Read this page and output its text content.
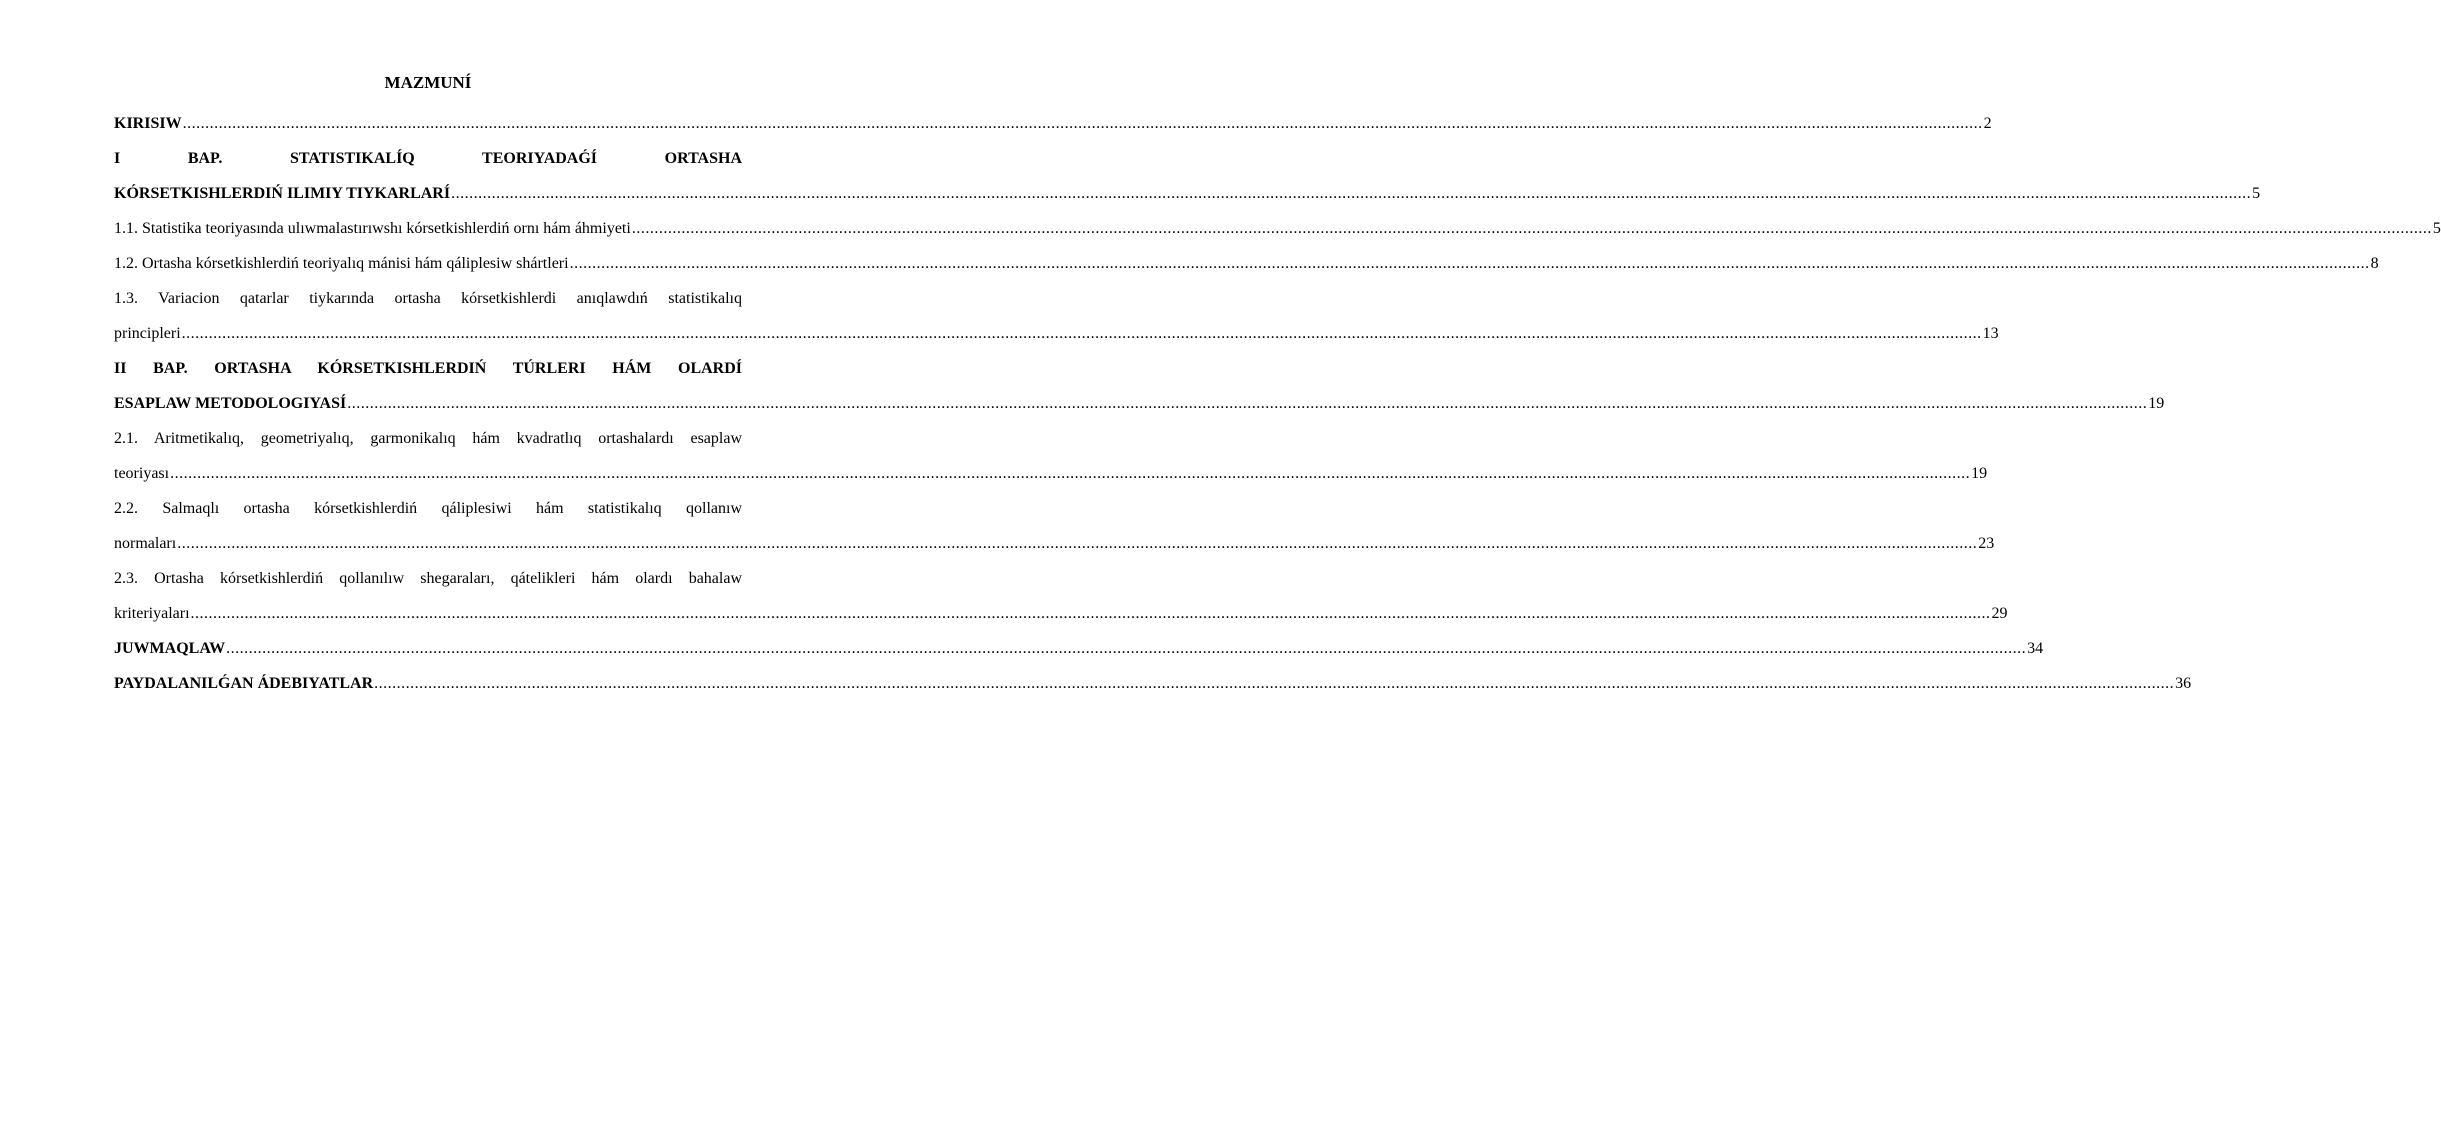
MAZMUNÍ
KIRISIW ................................................................................................................................................................................................................................................................................................................................................................................................................ 2
I BAP. STATISTIKALÍQ TEORIYADAǴÍ ORTASHA
KÓRSETKISHLERDIŃ ILIMIY TIYKARLARÍ ................................................................................................................................................................................................................................................................................................................................................................................................................ 5
1.1. Statistika teoriyasında ulıwmalastırıwshı kórsetkishlerdiń ornı hám áhmiyeti ................................................................................................................................................................................................................................................................................................................................................................................................................ 5
1.2. Ortasha kórsetkishlerdiń teoriyalıq mánisi hám qáliplesiw shártleri ................................................................................................................................................................................................................................................................................................................................................................................................................ 8
1.3. Variacion qatarlar tiykarında ortasha kórsetkishlerdi anıqlawdıń statistikalıq
principleri ................................................................................................................................................................................................................................................................................................................................................................................................................ 13
II BAP. ORTASHA KÓRSETKISHLERDIŃ TÚRLERI HÁM OLARDÍ
ESAPLAW METODOLOGIYASÍ ................................................................................................................................................................................................................................................................................................................................................................................................................ 19
2.1. Aritmetikalıq, geometriyalıq, garmonikalıq hám kvadratlıq ortashalardı esaplaw
teoriyası ................................................................................................................................................................................................................................................................................................................................................................................................................ 19
2.2. Salmaqlı ortasha kórsetkishlerdiń qáliplesiwi hám statistikalıq qollanıw
normaları ................................................................................................................................................................................................................................................................................................................................................................................................................ 23
2.3. Ortasha kórsetkishlerdiń qollanılıw shegaraları, qátelikleri hám olardı bahalaw
kriteriyaları ................................................................................................................................................................................................................................................................................................................................................................................................................ 29
JUWMAQLAW ................................................................................................................................................................................................................................................................................................................................................................................................................ 34
PAYDALANILǴAN ÁDEBIYATLAR ................................................................................................................................................................................................................................................................................................................................................................................................................ 36
